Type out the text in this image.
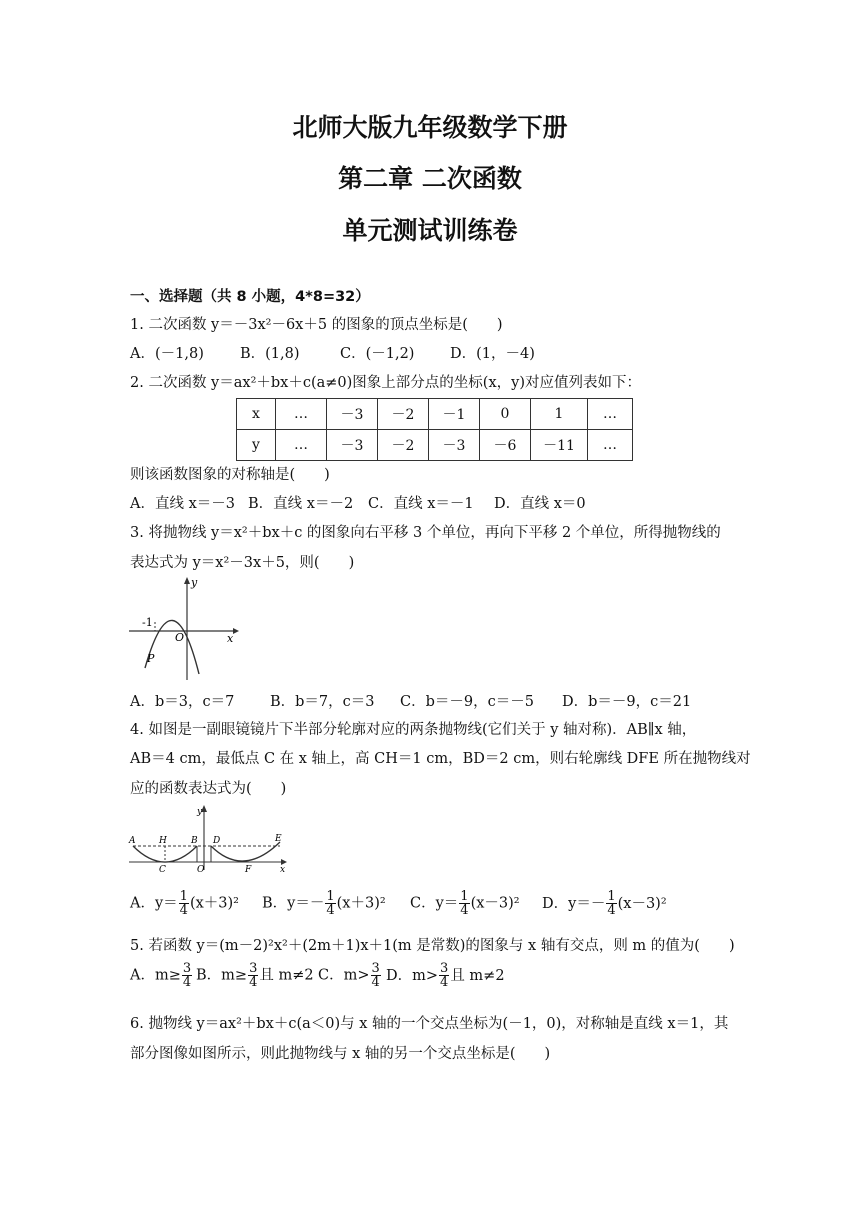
北师大版九年级数学下册
第二章 二次函数
单元测试训练卷
一、选择题（共 8 小题，4*8=32）
1. 二次函数 y＝－3x²－6x＋5 的图象的顶点坐标是(　　)
A．(－1,8) B．(1,8)	C．(－1,2) D．(1，－4)
2. 二次函数 y＝ax²＋bx＋c(a≠0)图象上部分点的坐标(x，y)对应值列表如下：
x	…	－3	－2	－1	0	1	…
y	…	－3	－2	－3	－6	－11	…
则该函数图象的对称轴是(　　)
A．直线 x＝－3 B．直线 x＝－2 C．直线 x＝－1 D．直线 x＝0
3. 将抛物线 y＝x²＋bx＋c 的图象向右平移 3 个单位，再向下平移 2 个单位，所得抛物线的
表达式为 y＝x²－3x＋5，则(　　)
y
x
O
-1
P
A．b＝3，c＝7 B．b＝7，c＝3 C．b＝－9，c＝－5 D．b＝－9，c＝21
4. 如图是一副眼镜镜片下半部分轮廓对应的两条抛物线(它们关于 y 轴对称)．AB∥x 轴，
AB＝4 cm，最低点 C 在 x 轴上，高 CH＝1 cm，BD＝2 cm，则右轮廓线 DFE 所在抛物线对
应的函数表达式为(　　)
y
x
A	H	B D	E
C	O	F
A．$y= \frac{1}{4} (x+3)^2$ B．$y=- \frac{1}{4} (x+3)^2$ C．$y= \frac{1}{4} (x-3)^2$ D．$y=- \frac{1}{4} (x-3)^2$
5. 若函数 y＝(m－2)²x²＋(2m＋1)x＋1(m 是常数)的图象与 x 轴有交点，则 m 的值为(　　)
A．$m\ge \frac{3}{4}$ B．$m\ge \frac{3}{4}$ 且 m≠2 C．$m> \frac{3}{4}$ D．$m> \frac{3}{4}$ 且 m≠2
6. 抛物线 y＝ax²＋bx＋c(a＜0)与 x 轴的一个交点坐标为(－1，0)，对称轴是直线 x＝1，其
部分图像如图所示，则此抛物线与 x 轴的另一个交点坐标是(　　)
